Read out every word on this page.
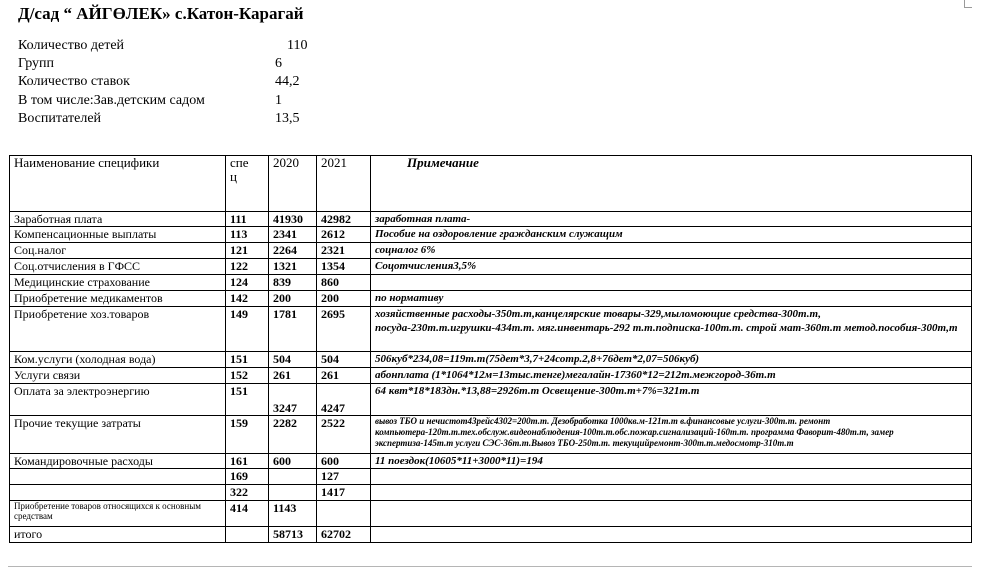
Д/сад “ АЙГӨЛЕК» с.Катон-Карагай
Количество детей	110
Групп	6
Количество ставок	44,2
В том числе:Зав.детским садом	1
Воспитателей	13,5
Наименование специфики	спе ц	2020	2021	Примечание
Заработная плата	111	41930	42982	заработная плата-
Компенсационные выплаты	113	2341	2612	Пособие на оздоровление гражданским служащим
Соц.налог	121	2264	2321	соцналог 6%
Соц.отчисления в ГФСС	122	1321	1354	Соцотчисления3,5%
Медицинские страхование	124	839	860	
Приобретение медикаментов	142	200	200	по нормативу
Приобретение хоз.товаров	149	1781	2695	хозяйственные расходы-350т.т,канцелярские товары-329,мыломоющие средства-300т.т, посуда-230т.т.игрушки-434т.т. мяг.инвентарь-292 т.т.подписка-100т.т. строй мат-360т.т метод.пособия-300т,т
Ком.услуги (холодная вода)	151	504	504	506куб*234,08=119т.т(75дет*3,7+24сотр.2,8+76дет*2,07=506куб)
Услуги связи	152	261	261	абонплата (1*1064*12м=13тыс.тенге)мегалайн-17360*12=212т.межгород-36т.т
Оплата за электроэнергию	151	3247	4247	64 квт*18*183дн.*13,88=2926т.т Освещение-300т.т+7%=321т.т
Прочие текущие затраты	159	2282	2522	вывоз ТБО и нечистот43рейс4302=200т.т. Дезобработка 1000кв.м-121т.т в.финансовые услуги-300т.т. ремонт компьютера-120т.т.тех.обслуж.видеонаблюдения-100т.т.обс.пожар.сигнализаций-160т.т. программа Фаворит-480т.т, замер экспертиза-145т.т услуги СЭС-36т.т.Вывоз ТБО-250т.т. текущийремонт-300т.т.медосмотр-310т.т
Командировочные расходы	161	600	600	11 поездок(10605*11+3000*11)=194
	169		127	
	322		1417	
Приобретение товаров относящихся к основным средствам	414	1143		
итого		58713	62702	
